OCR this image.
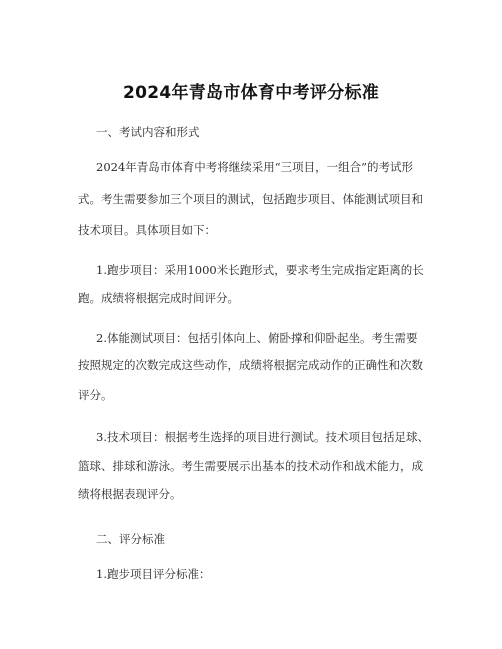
2024年青岛市体育中考评分标准
一、考试内容和形式
2024年青岛市体育中考将继续采用“三项目，一组合”的考试形
式。考生需要参加三个项目的测试，包括跑步项目、体能测试项目和
技术项目。具体项目如下：
1.跑步项目：采用1000米长跑形式，要求考生完成指定距离的长
跑。成绩将根据完成时间评分。
2.体能测试项目：包括引体向上、俯卧撑和仰卧起坐。考生需要
按照规定的次数完成这些动作，成绩将根据完成动作的正确性和次数
评分。
3.技术项目：根据考生选择的项目进行测试。技术项目包括足球、
篮球、排球和游泳。考生需要展示出基本的技术动作和战术能力，成
绩将根据表现评分。
二、评分标准
1.跑步项目评分标准：
